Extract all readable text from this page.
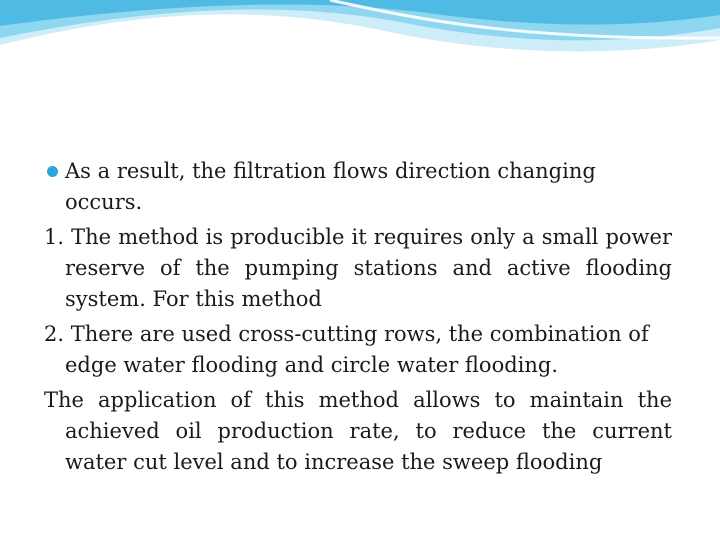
As a result, the filtration flows direction changing occurs.

1. The method is producible it requires only a small power reserve of the pumping stations and active flooding system. For this method

2. There are used cross-cutting rows, the combination of edge water flooding and circle water flooding.

The application of this method allows to maintain the achieved oil production rate, to reduce the current water cut level and to increase the sweep flooding
